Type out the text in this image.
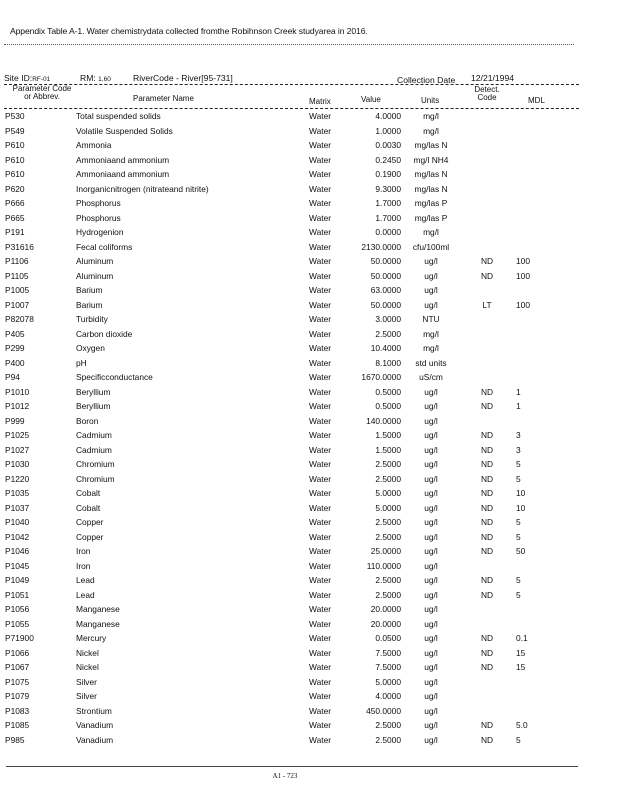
Appendix Table A-1. Water chemistrydata collected fromthe Robihnson Creek studyarea in 2016.
Site ID:RF-01	RM: 1.60	RiverCode - River[95-731]	Collection Date 12/21/1994
Parameter Code
or Abbrev.	Parameter Name	Matrix	Value	Units
Detect.
Code	MDL
P530	Total suspended solids	Water	4.0000	mg/l
P549	Volatile Suspended Solids	Water	1.0000	mg/l
P610	Ammonia	Water	0.0030	mg/las N
P610	Ammoniaand ammonium	Water	0.2450	mg/l NH4
P610	Ammoniaand ammonium	Water	0.1900	mg/las N
P620	Inorganicnitrogen (nitrateand nitrite)	Water	9.3000	mg/las N
P666	Phosphorus	Water	1.7000	mg/las P
P665	Phosphorus	Water	1.7000	mg/las P
P191	Hydrogenion	Water	0.0000	mg/l
P31616	Fecal coliforms	Water	2130.0000	cfu/100ml
P1106	Aluminum	Water	50.0000	ug/l	ND	100
P1105	Aluminum	Water	50.0000	ug/l	ND	100
P1005	Barium	Water	63.0000	ug/l
P1007	Barium	Water	50.0000	ug/l	LT	100
P82078	Turbidity	Water	3.0000	NTU
P405	Carbon dioxide	Water	2.5000	mg/l
P299	Oxygen	Water	10.4000	mg/l
P400	pH	Water	8.1000	std units
P94	Specificconductance	Water	1670.0000	uS/cm
P1010	Beryllium	Water	0.5000	ug/l	ND	1
P1012	Beryllium	Water	0.5000	ug/l	ND	1
P999	Boron	Water	140.0000	ug/l
P1025	Cadmium	Water	1.5000	ug/l	ND	3
P1027	Cadmium	Water	1.5000	ug/l	ND	3
P1030	Chromium	Water	2.5000	ug/l	ND	5
P1220	Chromium	Water	2.5000	ug/l	ND	5
P1035	Cobalt	Water	5.0000	ug/l	ND	10
P1037	Cobalt	Water	5.0000	ug/l	ND	10
P1040	Copper	Water	2.5000	ug/l	ND	5
P1042	Copper	Water	2.5000	ug/l	ND	5
P1046	Iron	Water	25.0000	ug/l	ND	50
P1045	Iron	Water	110.0000	ug/l
P1049	Lead	Water	2.5000	ug/l	ND	5
P1051	Lead	Water	2.5000	ug/l	ND	5
P1056	Manganese	Water	20.0000	ug/l
P1055	Manganese	Water	20.0000	ug/l
P71900	Mercury	Water	0.0500	ug/l	ND	0.1
P1066	Nickel	Water	7.5000	ug/l	ND	15
P1067	Nickel	Water	7.5000	ug/l	ND	15
P1075	Silver	Water	5.0000	ug/l
P1079	Silver	Water	4.0000	ug/l
P1083	Strontium	Water	450.0000	ug/l
P1085	Vanadium	Water	2.5000	ug/l	ND	5.0
P985	Vanadium	Water	2.5000	ug/l	ND	5
A1 - 723
